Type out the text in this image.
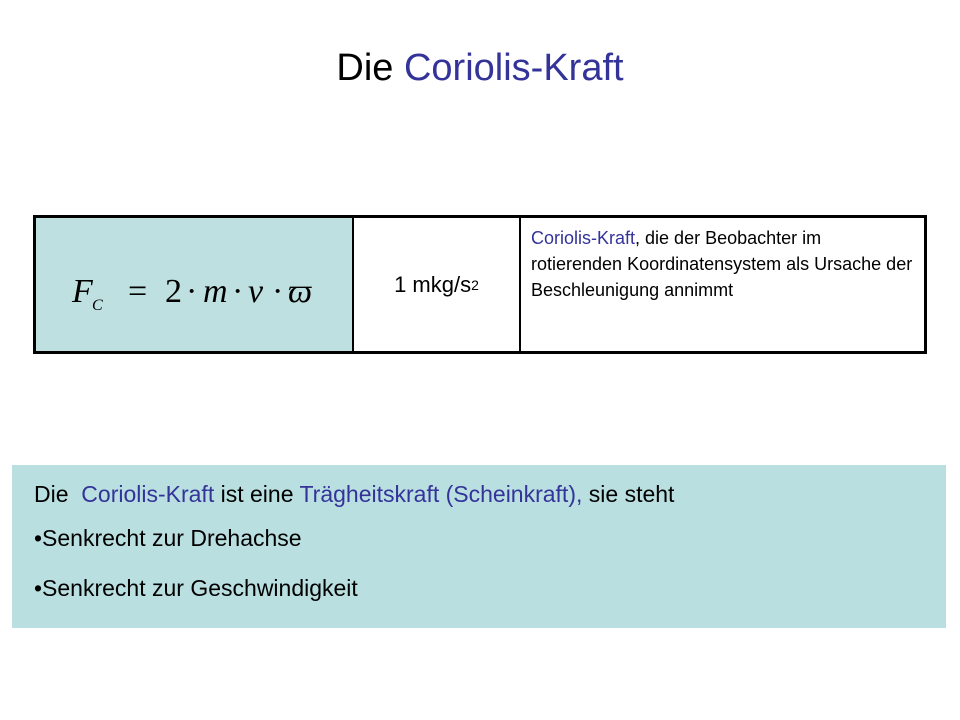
Die Coriolis-Kraft
F C = 2 · m · v · ϖ	1 mkg/s 2
Coriolis-Kraft, die der Beobachter im rotierenden Koordinatensystem als Ursache der Beschleunigung annimmt
Die  Coriolis-Kraft ist eine Trägheitskraft (Scheinkraft), sie steht
•Senkrecht zur Drehachse
•Senkrecht zur Geschwindigkeit
